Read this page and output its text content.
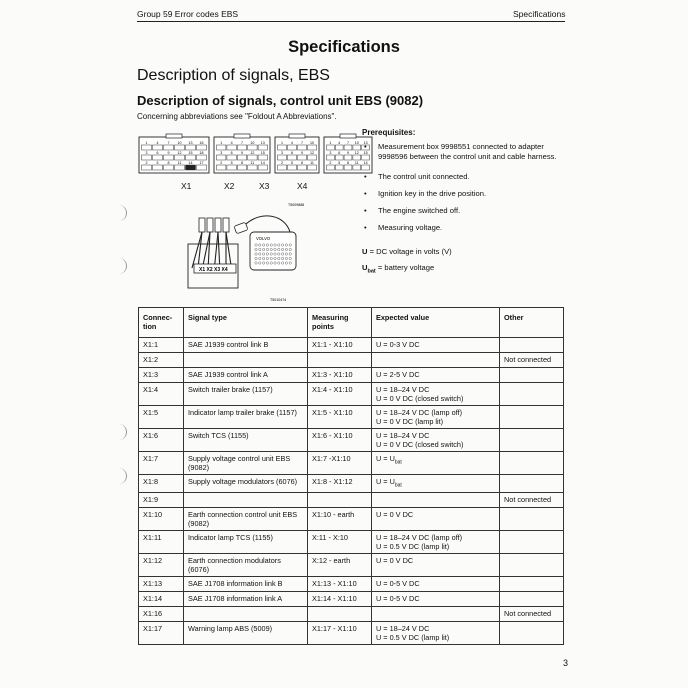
Group 59 Error codes EBS	Specifications
Specifications
Description of signals, EBS
Description of signals, control unit EBS (9082)
Concerning abbreviations see "Foldout A Abbreviations".
1	4	7 10 13 16
3	6	9 12 15 18
2	5	8 11 14 17
1 4 7 10 13
3 6 9 12 15
2 5 8 11 14
1 4 7 10
3 6 9 12
2 5 8 11
1 4 7 10 13
3 6 9 12 15
2 5 8 11 14
T5009888
X1	X2	X3	X4
X1 X2 X3 X4
VOLVO
T5010474
Prerequisites:
• Measurement box 9998551 connected to adapter 9998596 between the control unit and cable harness.
• The control unit connected.
• Ignition key in the drive position.
• The engine switched off.
• Measuring voltage.
U = DC voltage in volts (V)
$U_{bat}$ = battery voltage
Connec-tion	Signal type	Measuring points	Expected value	Other
X1:1	SAE J1939 control link B	X1:1 - X1:10	U = 0-3 V DC	
X1:2				Not connected
X1:3	SAE J1939 control link A	X1:3 - X1:10	U = 2-5 V DC	
X1:4	Switch trailer brake (1157)	X1:4 - X1:10	U = 18–24 V DC
U = 0 V DC (closed switch)	
X1:5	Indicator lamp trailer brake (1157)	X1:5 - X1:10	U = 18–24 V DC (lamp off)
U = 0 V DC (lamp lit)	
X1:6	Switch TCS (1155)	X1:6 - X1:10	U = 18–24 V DC
U = 0 V DC (closed switch)	
X1:7	Supply voltage control unit EBS (9082)	X1:7 -X1:10	$U = U_{bat}$	
X1:8	Supply voltage modulators (6076)	X1:8 - X1:12	$U = U_{bat}$	
X1:9				Not connected
X1:10	Earth connection control unit EBS (9082)	X1:10 - earth	U = 0 V DC	
X1:11	Indicator lamp TCS (1155)	X:11 - X:10	U = 18–24 V DC (lamp off)
U = 0.5 V DC (lamp lit)	
X1:12	Earth connection modulators (6076)	X:12 - earth	U = 0 V DC	
X1:13	SAE J1708 information link B	X1:13 - X1:10	U = 0-5 V DC	
X1:14	SAE J1708 information link A	X1:14 - X1:10	U = 0-5 V DC	
X1:16				Not connected
X1:17	Warning lamp ABS (5009)	X1:17 - X1:10	U = 18–24 V DC
U = 0.5 V DC (lamp lit)	
3
